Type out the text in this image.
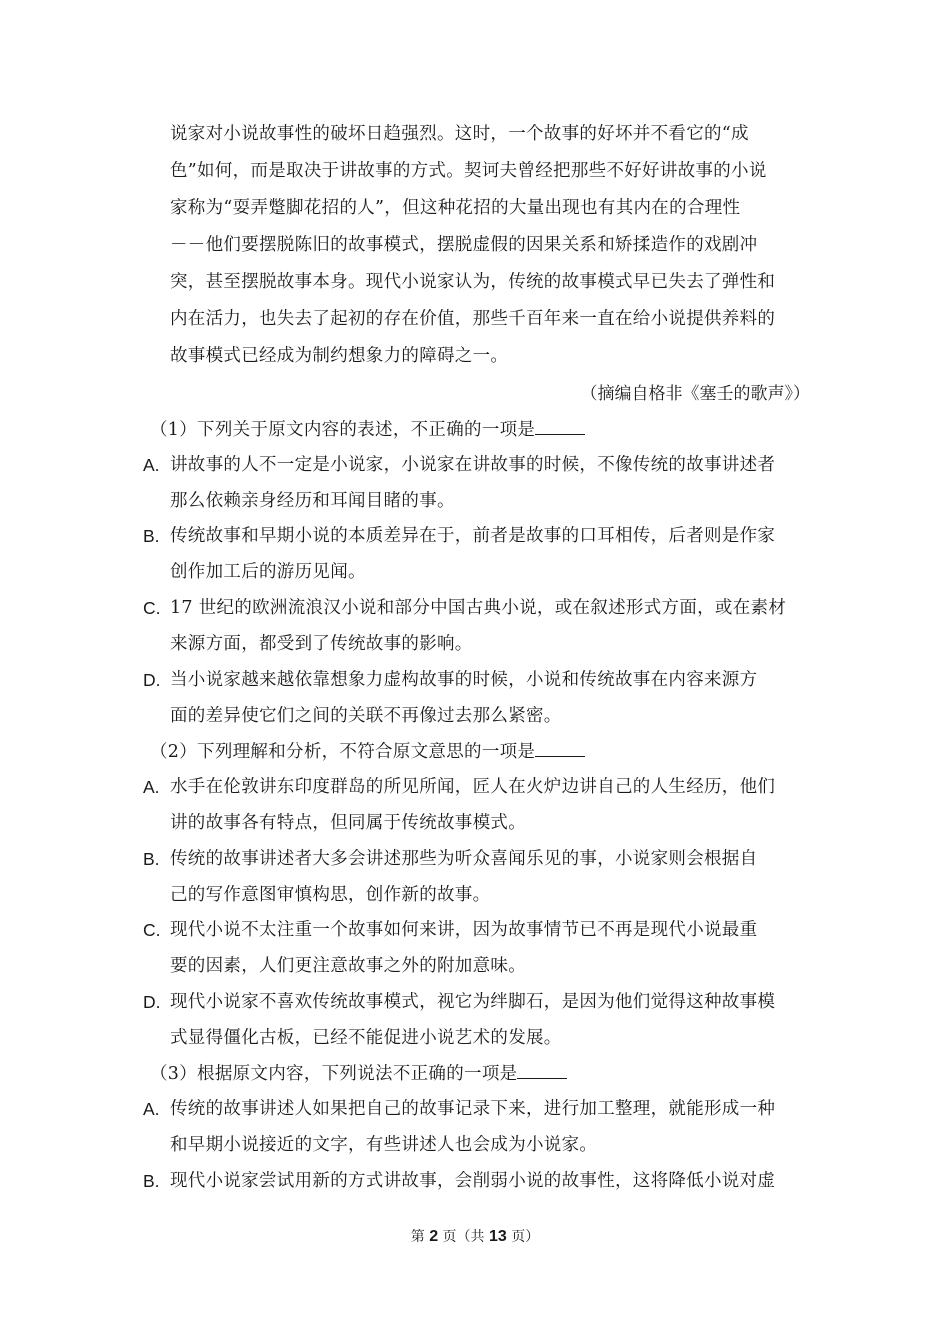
说家对小说故事性的破坏日趋强烈。这时，一个故事的好坏并不看它的“成
色”如何，而是取决于讲故事的方式。契诃夫曾经把那些不好好讲故事的小说
家称为“耍弄蹩脚花招的人”，但这种花招的大量出现也有其内在的合理性
－－他们要摆脱陈旧的故事模式，摆脱虚假的因果关系和矫揉造作的戏剧冲
突，甚至摆脱故事本身。现代小说家认为，传统的故事模式早已失去了弹性和
内在活力，也失去了起初的存在价值，那些千百年来一直在给小说提供养料的
故事模式已经成为制约想象力的障碍之一。
（摘编自格非《塞壬的歌声》）
（1）下列关于原文内容的表述，不正确的一项是
A. 讲故事的人不一定是小说家，小说家在讲故事的时候，不像传统的故事讲述者
那么依赖亲身经历和耳闻目睹的事。
B. 传统故事和早期小说的本质差异在于，前者是故事的口耳相传，后者则是作家
创作加工后的游历见闻。
C. 17 世纪的欧洲流浪汉小说和部分中国古典小说，或在叙述形式方面，或在素材
来源方面，都受到了传统故事的影响。
D. 当小说家越来越依靠想象力虚构故事的时候，小说和传统故事在内容来源方
面的差异使它们之间的关联不再像过去那么紧密。
（2）下列理解和分析，不符合原文意思的一项是
A. 水手在伦敦讲东印度群岛的所见所闻，匠人在火炉边讲自己的人生经历，他们
讲的故事各有特点，但同属于传统故事模式。
B. 传统的故事讲述者大多会讲述那些为听众喜闻乐见的事，小说家则会根据自
己的写作意图审慎构思，创作新的故事。
C. 现代小说不太注重一个故事如何来讲，因为故事情节已不再是现代小说最重
要的因素，人们更注意故事之外的附加意味。
D. 现代小说家不喜欢传统故事模式，视它为绊脚石，是因为他们觉得这种故事模
式显得僵化古板，已经不能促进小说艺术的发展。
（3）根据原文内容，下列说法不正确的一项是
A. 传统的故事讲述人如果把自己的故事记录下来，进行加工整理，就能形成一种
和早期小说接近的文字，有些讲述人也会成为小说家。
B. 现代小说家尝试用新的方式讲故事，会削弱小说的故事性，这将降低小说对虚
第 2 页（共 13 页）
